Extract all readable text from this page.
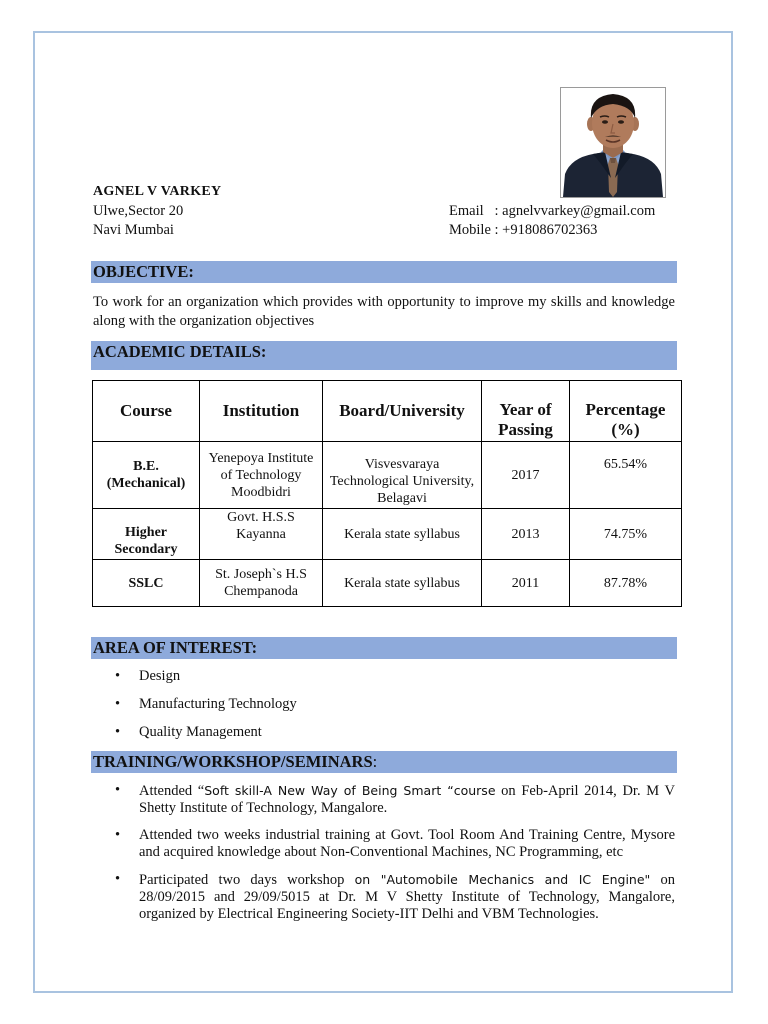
AGNEL V VARKEY
Ulwe,Sector 20
Navi Mumbai
Email   : agnelvvarkey@gmail.com
Mobile : +918086702363
OBJECTIVE:
To work for an organization which provides with opportunity to improve my skills and knowledge along with the organization objectives
ACADEMIC DETAILS:
Course	Institution	Board/University	Year of Passing	Percentage (%)
B.E. (Mechanical)	Yenepoya Institute of Technology Moodbidri	Visvesvaraya Technological University, Belagavi	2017	65.54%
Higher Secondary	Govt. H.S.S Kayanna	Kerala state syllabus	2013	74.75%
SSLC	St. Joseph`s H.S Chempanoda	Kerala state syllabus	2011	87.78%
AREA OF INTEREST:
• Design
• Manufacturing Technology
• Quality Management
TRAINING/WORKSHOP/SEMINARS:
• Attended “Soft skill-A New Way of Being Smart “course on Feb-April 2014, Dr. M V Shetty Institute of Technology, Mangalore.
• Attended two weeks industrial training at Govt. Tool Room And Training Centre, Mysore and acquired knowledge about Non-Conventional Machines, NC Programming, etc
• Participated two days workshop on "Automobile Mechanics and IC Engine" on 28/09/2015 and 29/09/5015 at Dr. M V Shetty Institute of Technology, Mangalore, organized by Electrical Engineering Society-IIT Delhi and VBM Technologies.
